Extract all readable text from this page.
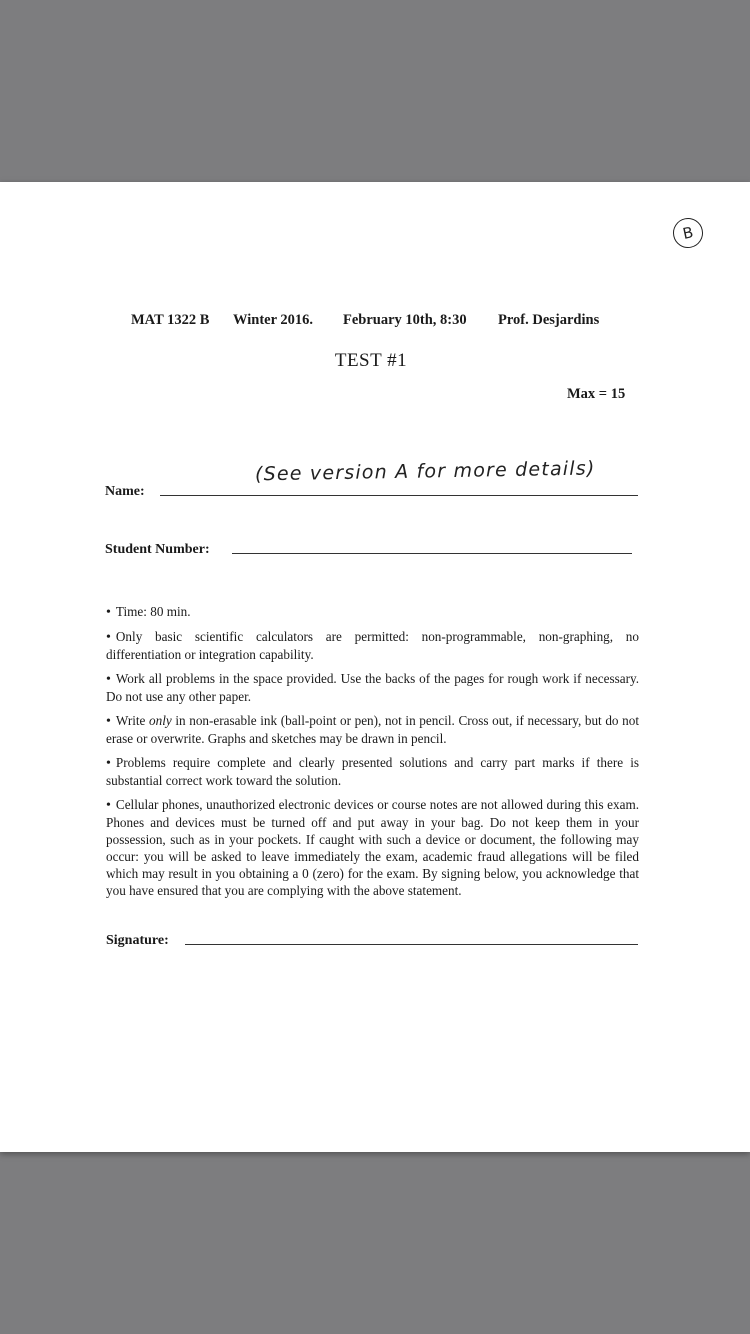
B
MAT 1322 B Winter 2016. February 10th, 8:30 Prof. Desjardins
TEST #1
Max = 15
Name:
(See version A for more details)
Student Number:

• Time: 80 min.

• Only basic scientific calculators are permitted: non-programmable, non-graphing, no differentiation or integration capability.

• Work all problems in the space provided. Use the backs of the pages for rough work if necessary. Do not use any other paper.

• Write only in non-erasable ink (ball-point or pen), not in pencil. Cross out, if necessary, but do not erase or overwrite. Graphs and sketches may be drawn in pencil.

• Problems require complete and clearly presented solutions and carry part marks if there is substantial correct work toward the solution.

• Cellular phones, unauthorized electronic devices or course notes are not allowed during this exam. Phones and devices must be turned off and put away in your bag. Do not keep them in your possession, such as in your pockets. If caught with such a device or document, the following may occur: you will be asked to leave immediately the exam, academic fraud allegations will be filed which may result in you obtaining a 0 (zero) for the exam. By signing below, you acknowledge that you have ensured that you are complying with the above statement.

Signature:
